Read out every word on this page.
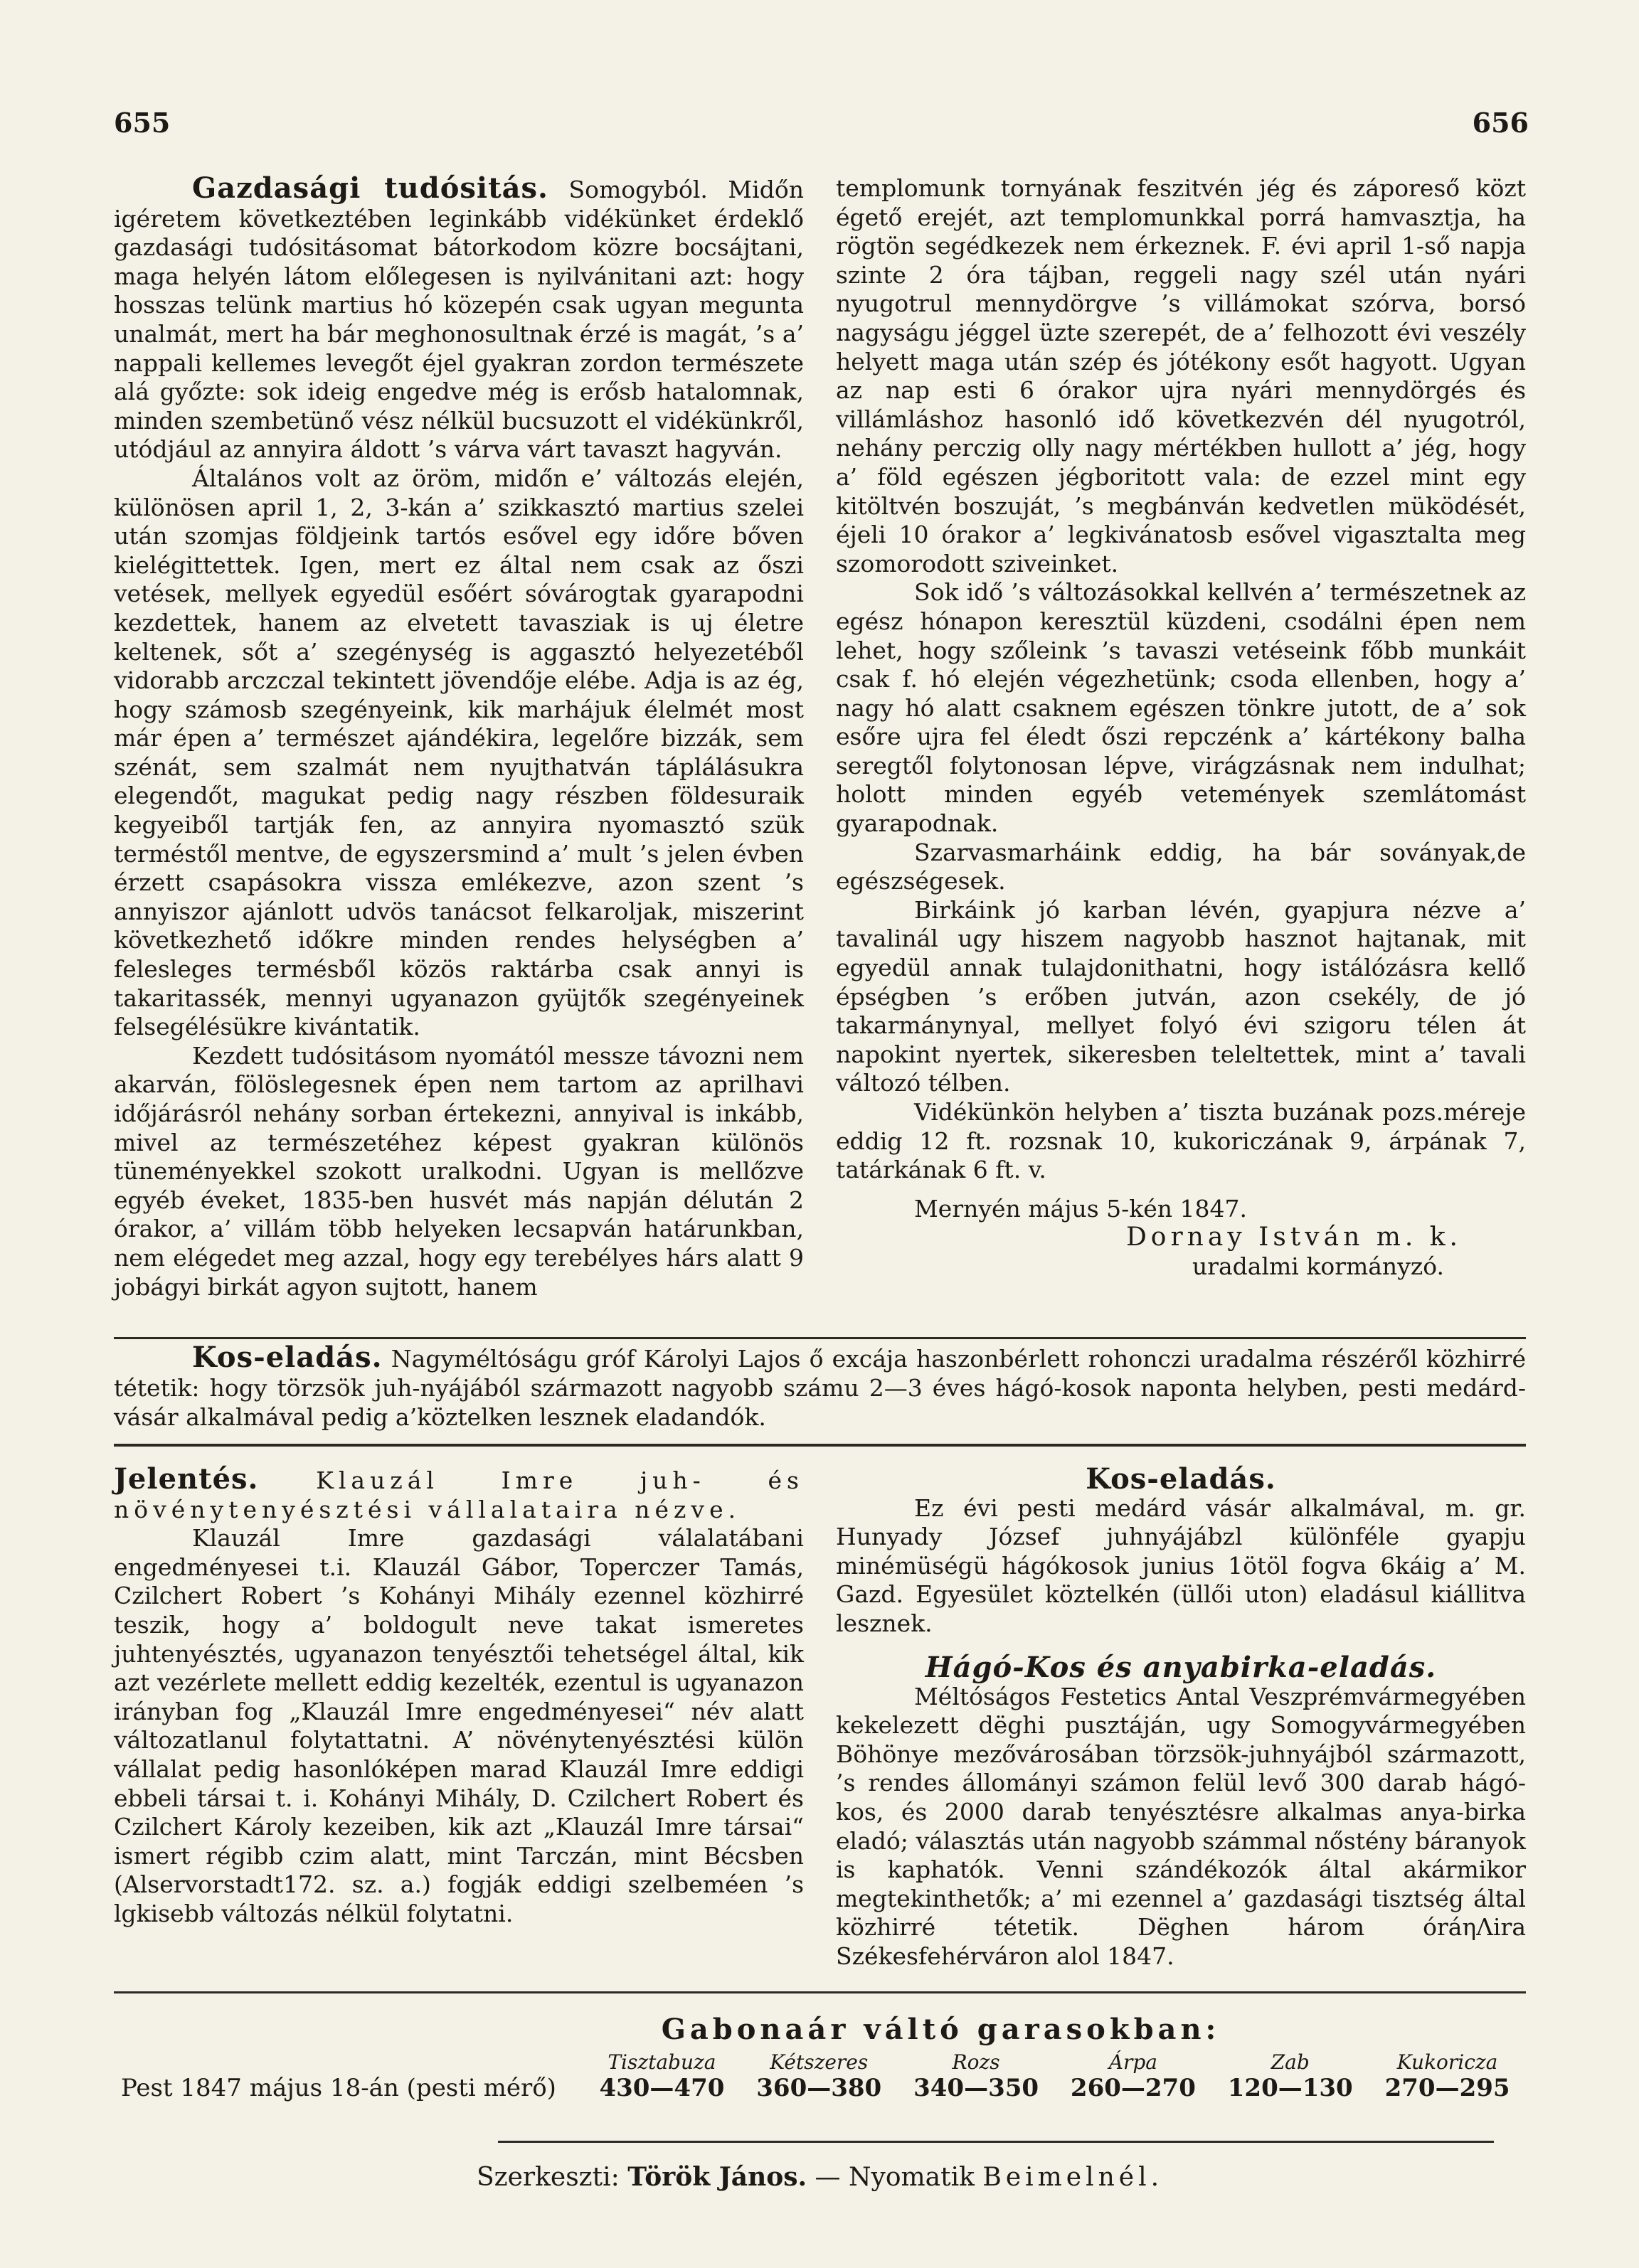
655	656

Gazdasági tudósitás. Somogyból. Midőn igéretem következtében leginkább vidékünket érdeklő gazdasági tudósitásomat bátorkodom közre bocsájtani, maga helyén látom előlegesen is nyilvánitani azt: hogy hosszas telünk martius hó közepén csak ugyan megunta unalmát, mert ha bár meghonosultnak érzé is magát, ’s a’ nappali kellemes levegőt éjel gyakran zordon természete alá győzte: sok ideig engedve még is erősb hatalomnak, minden szembetünő vész nélkül bucsuzott el vidékünkről, utódjául az annyira áldott ’s várva várt tavaszt hagyván.

Általános volt az öröm, midőn e’ változás elején, különösen april 1, 2, 3-kán a’ szikkasztó martius szelei után szomjas földjeink tartós esővel egy időre bőven kielégittettek. Igen, mert ez által nem csak az őszi vetések, mellyek egyedül esőért sóvárogtak gyarapodni kezdettek, hanem az elvetett tavasziak is uj életre keltenek, sőt a’ szegénység is aggasztó helyezetéből vidorabb arczczal tekintett jövendője elébe. Adja is az ég, hogy számosb szegényeink, kik marhájuk élelmét most már épen a’ természet ajándékira, legelőre bizzák, sem szénát, sem szalmát nem nyujthatván táplálásukra elegendőt, magukat pedig nagy részben földesuraik kegyeiből tartják fen, az annyira nyomasztó szük terméstől mentve, de egyszersmind a’ mult ’s jelen évben érzett csapásokra vissza emlékezve, azon szent ’s annyiszor ajánlott udvös tanácsot felkaroljak, miszerint következhető időkre minden rendes helységben a’ felesleges termésből közös raktárba csak annyi is takaritassék, mennyi ugyanazon gyüjtők szegényeinek felsegélésükre kivántatik.

Kezdett tudósitásom nyomától messze távozni nem akarván, fölöslegesnek épen nem tartom az aprilhavi időjárásról nehány sorban értekezni, annyival is inkább, mivel az természetéhez képest gyakran különös tüneményekkel szokott uralkodni. Ugyan is mellőzve egyéb éveket, 1835-ben husvét más napján délután 2 órakor, a’ villám több helyeken lecsapván határunkban, nem elégedet meg azzal, hogy egy terebélyes hárs alatt 9 jobágyi birkát agyon sujtott, hanem

templomunk tornyának feszitvén jég és záporeső közt égető erejét, azt templomunkkal porrá hamvasztja, ha rögtön segédkezek nem érkeznek. F. évi april 1-ső napja szinte 2 óra tájban, reggeli nagy szél után nyári nyugotrul mennydörgve ’s villámokat szórva, borsó nagyságu jéggel üzte szerepét, de a’ felhozott évi veszély helyett maga után szép és jótékony esőt hagyott. Ugyan az nap esti 6 órakor ujra nyári mennydörgés és villámláshoz hasonló idő következvén dél nyugotról, nehány perczig olly nagy mértékben hullott a’ jég, hogy a’ föld egészen jégboritott vala: de ezzel mint egy kitöltvén boszuját, ’s megbánván kedvetlen müködését, éjeli 10 órakor a’ legkivánatosb esővel vigasztalta meg szomorodott sziveinket.

Sok idő ’s változásokkal kellvén a’ természetnek az egész hónapon keresztül küzdeni, csodálni épen nem lehet, hogy szőleink ’s tavaszi vetéseink főbb munkáit csak f. hó elején végezhetünk; csoda ellenben, hogy a’ nagy hó alatt csaknem egészen tönkre jutott, de a’ sok esőre ujra fel éledt őszi repczénk a’ kártékony balha seregtől folytonosan lépve, virágzásnak nem indulhat; holott minden egyéb vetemények szemlátomást gyarapodnak.

Szarvasmarháink eddig, ha bár soványak,de egészségesek.

Birkáink jó karban lévén, gyapjura nézve a’ tavalinál ugy hiszem nagyobb hasznot hajtanak, mit egyedül annak tulajdonithatni, hogy istálózásra kellő épségben ’s erőben jutván, azon csekély, de jó takarmánynyal, mellyet folyó évi szigoru télen át napokint nyertek, sikeresben teleltettek, mint a’ tavali változó télben.

Vidékünkön helyben a’ tiszta buzának pozs.méreje eddig 12 ft. rozsnak 10, kukoriczának 9, árpának 7, tatárkának 6 ft. v.

Mernyén május 5-kén 1847.

Dornay István m. k.

uradalmi kormányzó.

Kos-eladás. Nagyméltóságu gróf Károlyi Lajos ő excája haszonbérlett rohonczi uradalma részéről közhirré tétetik: hogy törzsök juh-nyájából származott nagyobb számu 2—3 éves hágó-kosok naponta helyben, pesti medárd-vásár alkalmával pedig a’köztelken lesznek eladandók.

Jelentés. Klauzál Imre juh- és növénytenyésztési vállalataira nézve.

Klauzál Imre gazdasági válalatábani engedményesei t.i. Klauzál Gábor, Toperczer Tamás, Czilchert Robert ’s Kohányi Mihály ezennel közhirré teszik, hogy a’ boldogult neve takat ismeretes juhtenyésztés, ugyanazon tenyésztői tehetségel által, kik azt vezérlete mellett eddig kezelték, ezentul is ugyanazon irányban fog „Klauzál Imre engedményesei“ név alatt változatlanul folytattatni. A’ növénytenyésztési külön vállalat pedig hasonlóképen marad Klauzál Imre eddigi ebbeli társai t. i. Kohányi Mihály, D. Czilchert Robert és Czilchert Károly kezeiben, kik azt „Klauzál Imre társai“ ismert régibb czim alatt, mint Tarczán, mint Bécsben (Alservorstadt172. sz. a.) fogják eddigi szelbeméen ’s lgkisebb változás nélkül folytatni.

Kos-eladás.

Ez évi pesti medárd vásár alkalmával, m. gr. Hunyady József juhnyájábzl különféle gyapju minémüségü hágókosok junius 1ötöl fogva 6káig a’ M. Gazd. Egyesület köztelkén (üllői uton) eladásul kiállitva lesznek.

Hágó-Kos és anyabirka-eladás.

Méltóságos Festetics Antal Veszprémvármegyében kekelezett dëghi pusztáján, ugy Somogyvármegyében Böhönye mezővárosában törzsök-juhnyájból származott, ’s rendes állományi számon felül levő 300 darab hágó-kos, és 2000 darab tenyésztésre alkalmas anya-birka eladó; választás után nagyobb számmal nőstény báranyok is kaphatók. Venni szándékozók által akármikor megtekinthetők; a’ mi ezennel a’ gazdasági tisztség által közhirré tétetik. Dëghen három óráηΛira Székesfehérváron alol 1847.

Gabonaár váltó garasokban:
	Tisztabuza	Kétszeres	Rozs	Árpa	Zab	Kukoricza
Pest 1847 május 18-án (pesti mérő)	430—470	360—380	340—350	260—270	120—130	270—295
Szerkeszti: Török János. — Nyomatik Beimelnél.
